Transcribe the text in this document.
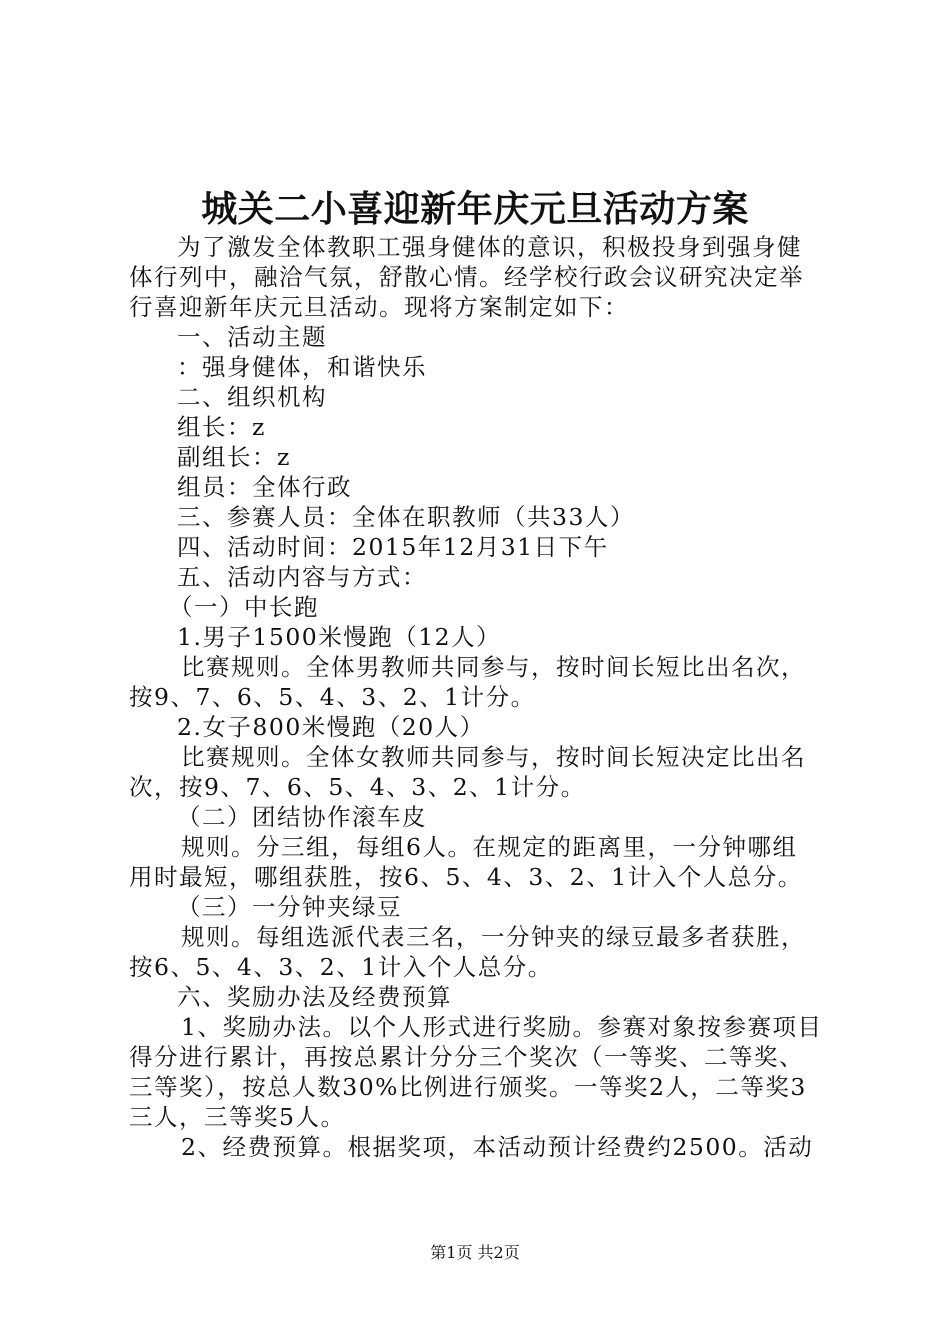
城关二小喜迎新年庆元旦活动方案
为了激发全体教职工强身健体的意识，积极投身到强身健
体行列中，融洽气氛，舒散心情。经学校行政会议研究决定举
行喜迎新年庆元旦活动。现将方案制定如下：
一、活动主题
：强身健体，和谐快乐
二、组织机构
组长：z
副组长：z
组员：全体行政
三、参赛人员：全体在职教师（共33人）
四、活动时间：2015年12月31日下午
五、活动内容与方式：
（一）中长跑
1.男子1500米慢跑（12人）
比赛规则。全体男教师共同参与，按时间长短比出名次，
按9、7、6、5、4、3、2、1计分。
2.女子800米慢跑（20人）
比赛规则。全体女教师共同参与，按时间长短决定比出名
次，按9、7、6、5、4、3、2、1计分。
（二）团结协作滚车皮
规则。分三组，每组6人。在规定的距离里，一分钟哪组
用时最短，哪组获胜，按6、5、4、3、2、1计入个人总分。
（三）一分钟夹绿豆
规则。每组选派代表三名，一分钟夹的绿豆最多者获胜，
按6、5、4、3、2、1计入个人总分。
六、奖励办法及经费预算
1、奖励办法。以个人形式进行奖励。参赛对象按参赛项目
得分进行累计，再按总累计分分三个奖次（一等奖、二等奖、
三等奖），按总人数30%比例进行颁奖。一等奖2人，二等奖3
三人，三等奖5人。
2、经费预算。根据奖项，本活动预计经费约2500。活动
第1页 共2页
